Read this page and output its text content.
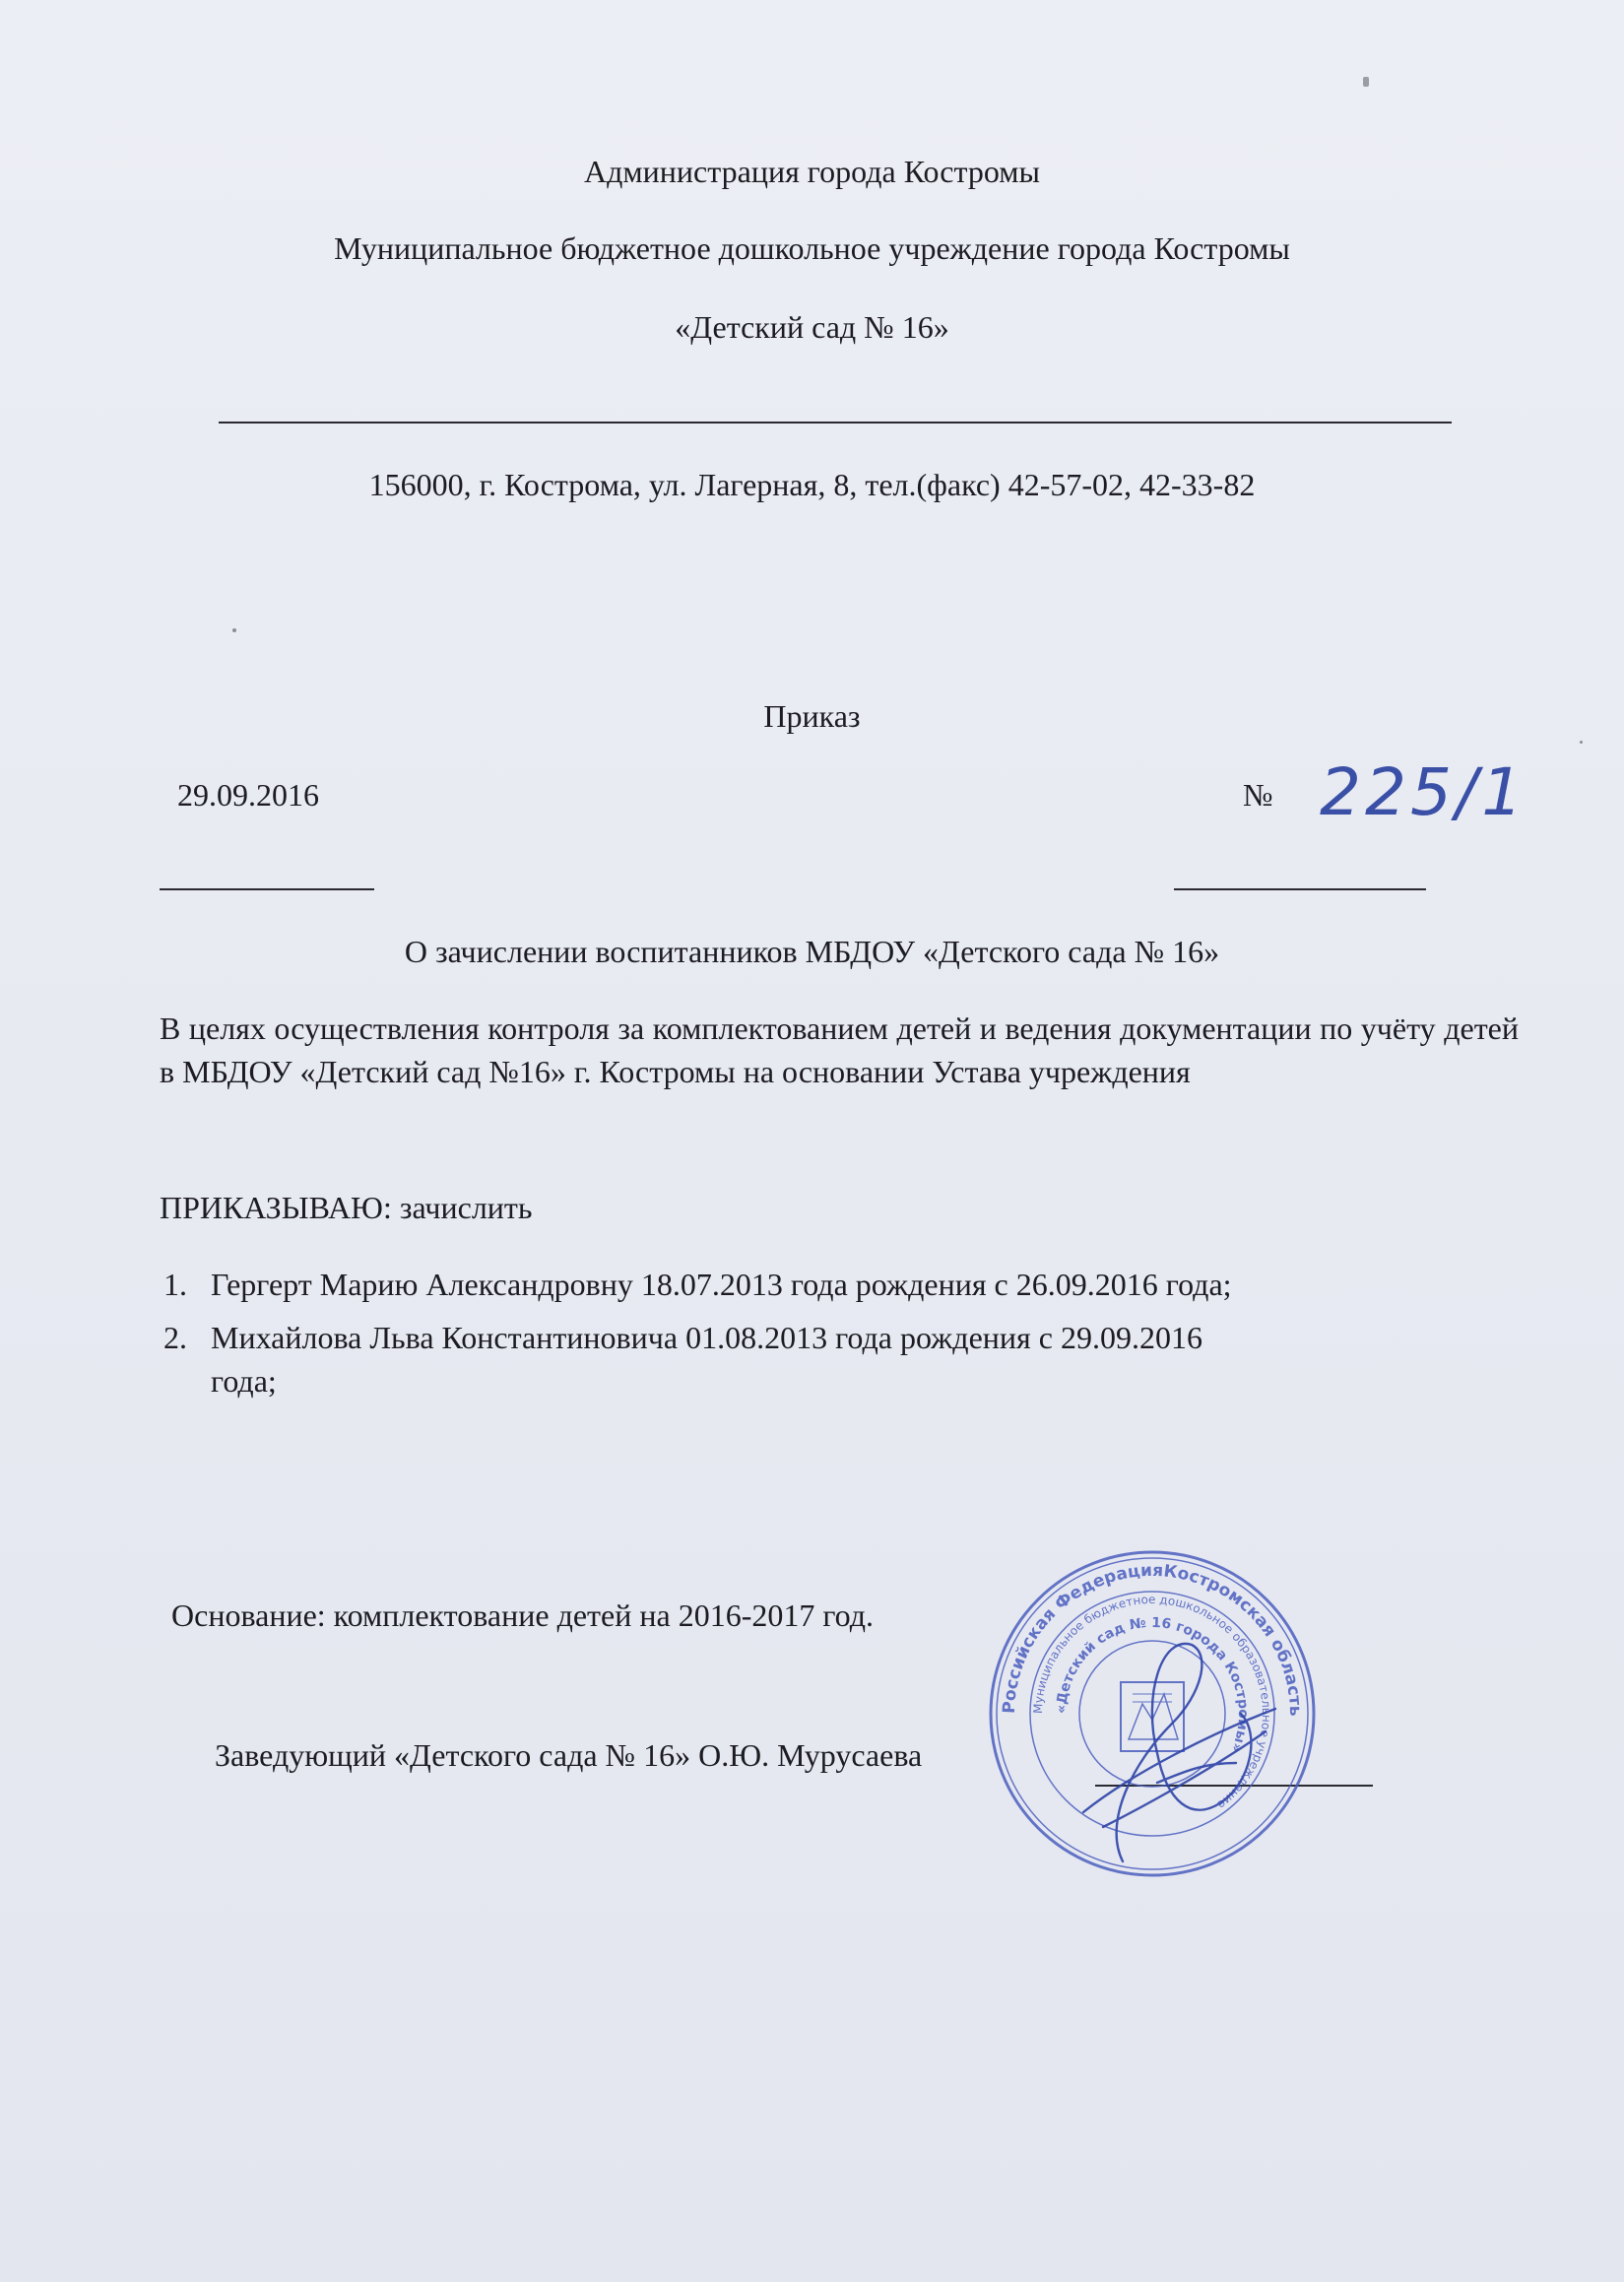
Администрация города Костромы
Муниципальное бюджетное дошкольное учреждение города Костромы
«Детский сад № 16»
156000, г. Кострома, ул. Лагерная, 8, тел.(факс) 42-57-02, 42-33-82
Приказ
29.09.2016	№ 225/1
О зачислении воспитанников МБДОУ «Детского сада № 16»
В целях осуществления контроля за комплектованием детей и ведения документации по учёту детей в МБДОУ «Детский сад №16» г. Костромы на основании Устава учреждения
ПРИКАЗЫВАЮ: зачислить
1. Гергерт Марию Александровну 18.07.2013 года рождения с 26.09.2016 года;
2. Михайлова Льва Константиновича 01.08.2013 года рождения с 29.09.2016
года;
Основание: комплектование детей на 2016-2017 год.
Заведующий «Детского сада № 16» О.Ю. Мурусаева
Российская ФедерацияКостромская область
Муниципальное бюджетное дошкольное образовательное учреждение
«Детский сад № 16 города Костромы»
